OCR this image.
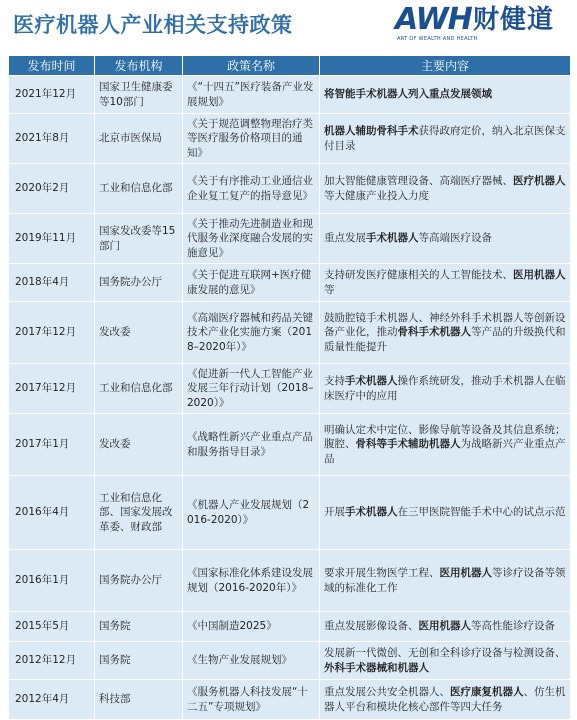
医疗机器人产业相关支持政策	AWH 财健道
ART OF WEALTH AND HEALTH
发布时间	发布机构	政策名称	主要内容
2021年12月	国家卫生健康委等10部门	《“十四五”医疗装备产业发展规划》	将智能手术机器人列入重点发展领域
2021年8月	北京市医保局	《关于规范调整物理治疗类等医疗服务价格项目的通知》	机器人辅助骨科手术获得政府定价，纳入北京医保支付目录
2020年2月	工业和信息化部	《关于有序推动工业通信业企业复工复产的指导意见》	加大智能健康管理设备、高端医疗器械、医疗机器人等大健康产业投入力度
2019年11月	国家发改委等15部门	《关于推动先进制造业和现代服务业深度融合发展的实施意见》	重点发展手术机器人等高端医疗设备
2018年4月	国务院办公厅	《关于促进互联网+医疗健康发展的意见》	支持研发医疗健康相关的人工智能技术、医用机器人等
2017年12月	发改委	《高端医疗器械和药品关键技术产业化实施方案（2018–2020年）》	鼓励腔镜手术机器人、神经外科手术机器人等创新设备产业化，推动骨科手术机器人等产品的升级换代和质量性能提升
2017年12月	工业和信息化部	《促进新一代人工智能产业发展三年行动计划（2018–2020）》	支持手术机器人操作系统研发，推动手术机器人在临床医疗中的应用
2017年1月	发改委	《战略性新兴产业重点产品和服务指导目录》	明确认定术中定位、影像导航等设备及其信息系统；腹腔、骨科等手术辅助机器人为战略新兴产业重点产品
2016年4月	工业和信息化部、国家发展改革委、财政部	《机器人产业发展规划（2016-2020）》	开展手术机器人在三甲医院智能手术中心的试点示范
2016年1月	国务院办公厅	《国家标准化体系建设发展规划（2016-2020年）》	要求开展生物医学工程、医用机器人等诊疗设备等领域的标准化工作
2015年5月	国务院	《中国制造2025》	重点发展影像设备、医用机器人等高性能诊疗设备
2012年12月	国务院	《生物产业发展规划》	发展新一代微创、无创和全科诊疗设备与检测设备、外科手术器械和机器人
2012年4月	科技部	《服务机器人科技发展“十二五”专项规划》	重点发展公共安全机器人、医疗康复机器人、仿生机器人平台和模块化核心部件等四大任务
